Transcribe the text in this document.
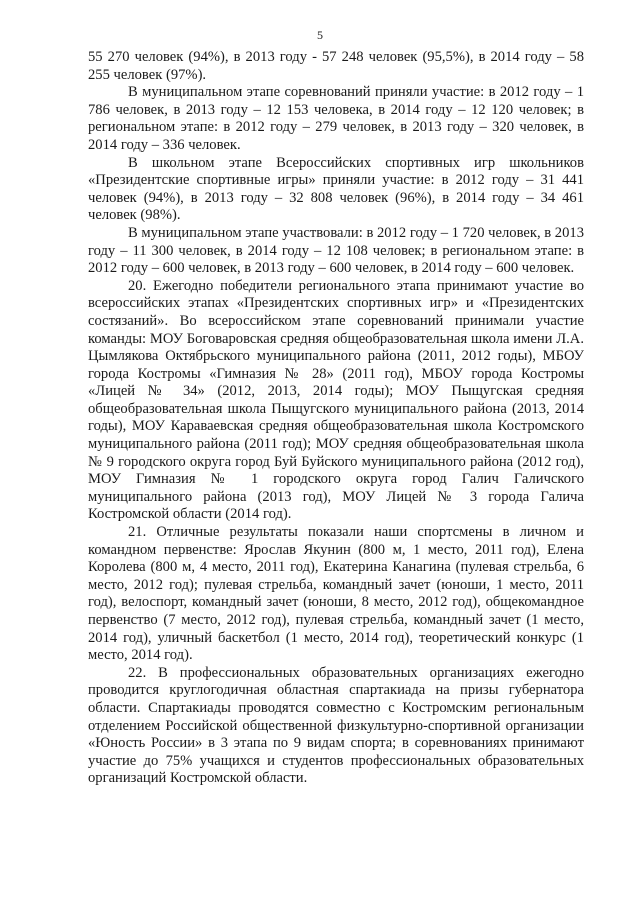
5

55 270 человек (94%), в 2013 году - 57 248 человек (95,5%), в 2014 году – 58 255 человек (97%).

В муниципальном этапе соревнований приняли участие: в 2012 году – 1 786 человек, в 2013 году – 12 153 человека, в 2014 году – 12 120 человек; в региональном этапе: в 2012 году – 279 человек, в 2013 году – 320 человек, в 2014 году – 336 человек.

В школьном этапе Всероссийских спортивных игр школьников «Президентские спортивные игры» приняли участие: в 2012 году – 31 441 человек (94%), в 2013 году – 32 808 человек (96%), в 2014 году – 34 461 человек (98%).

В муниципальном этапе участвовали: в 2012 году – 1 720 человек, в 2013 году – 11 300 человек, в 2014 году – 12 108 человек; в региональном этапе: в 2012 году – 600 человек, в 2013 году – 600 человек, в 2014 году – 600 человек.

20. Ежегодно победители регионального этапа принимают участие во всероссийских этапах «Президентских спортивных игр» и «Президентских состязаний». Во всероссийском этапе соревнований принимали участие команды: МОУ Боговаровская средняя общеобразовательная школа имени Л.А. Цымлякова Октябрьского муниципального района (2011, 2012 годы), МБОУ города Костромы «Гимназия № 28» (2011 год), МБОУ города Костромы «Лицей № 34» (2012, 2013, 2014 годы); МОУ Пыщугская средняя общеобразовательная школа Пыщугского муниципального района (2013, 2014 годы), МОУ Караваевская средняя общеобразовательная школа Костромского муниципального района (2011 год); МОУ средняя общеобразовательная школа № 9 городского округа город Буй Буйского муниципального района (2012 год), МОУ Гимназия № 1 городского округа город Галич Галичского муниципального района (2013 год), МОУ Лицей № 3 города Галича Костромской области (2014 год).

21. Отличные результаты показали наши спортсмены в личном и командном первенстве: Ярослав Якунин (800 м, 1 место, 2011 год), Елена Королева (800 м, 4 место, 2011 год), Екатерина Канагина (пулевая стрельба, 6 место, 2012 год); пулевая стрельба, командный зачет (юноши, 1 место, 2011 год), велоспорт, командный зачет (юноши, 8 место, 2012 год), общекомандное первенство (7 место, 2012 год), пулевая стрельба, командный зачет (1 место, 2014 год), уличный баскетбол (1 место, 2014 год), теоретический конкурс (1 место, 2014 год).

22. В профессиональных образовательных организациях ежегодно проводится круглогодичная областная спартакиада на призы губернатора области. Спартакиады проводятся совместно с Костромским региональным отделением Российской общественной физкультурно-спортивной организации «Юность России» в 3 этапа по 9 видам спорта; в соревнованиях принимают участие до 75% учащихся и студентов профессиональных образовательных организаций Костромской области.
